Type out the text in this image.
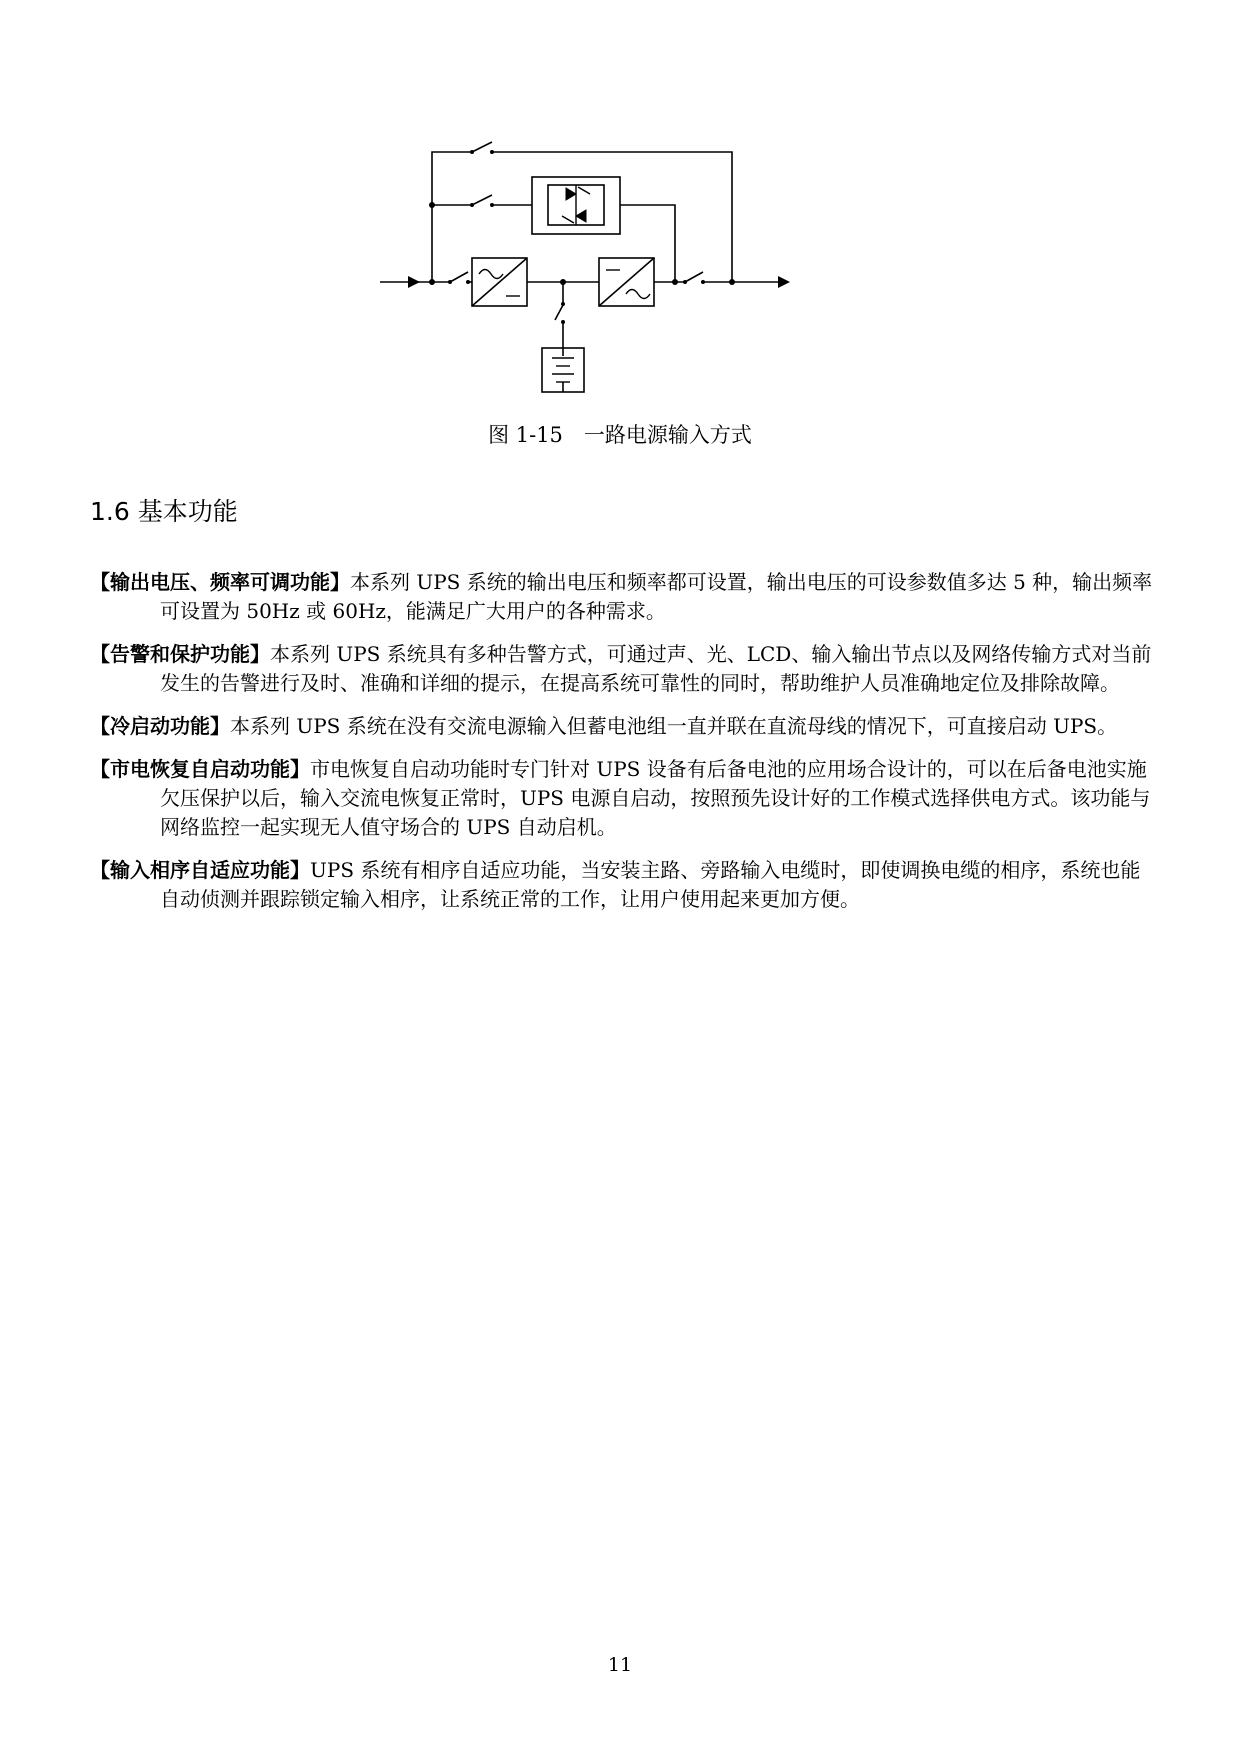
图 1-15　一路电源输入方式
1.6 基本功能

【输出电压、频率可调功能】本系列 UPS 系统的输出电压和频率都可设置，输出电压的可设参数值多达 5 种，输出频率可设置为 50Hz 或 60Hz，能满足广大用户的各种需求。

【告警和保护功能】本系列 UPS 系统具有多种告警方式，可通过声、光、LCD、输入输出节点以及网络传输方式对当前发生的告警进行及时、准确和详细的提示，在提高系统可靠性的同时，帮助维护人员准确地定位及排除故障。

【冷启动功能】本系列 UPS 系统在没有交流电源输入但蓄电池组一直并联在直流母线的情况下，可直接启动 UPS。

【市电恢复自启动功能】市电恢复自启动功能时专门针对 UPS 设备有后备电池的应用场合设计的，可以在后备电池实施欠压保护以后，输入交流电恢复正常时，UPS 电源自启动，按照预先设计好的工作模式选择供电方式。该功能与网络监控一起实现无人值守场合的 UPS 自动启机。

【输入相序自适应功能】UPS 系统有相序自适应功能，当安装主路、旁路输入电缆时，即使调换电缆的相序，系统也能自动侦测并跟踪锁定输入相序，让系统正常的工作，让用户使用起来更加方便。

11
